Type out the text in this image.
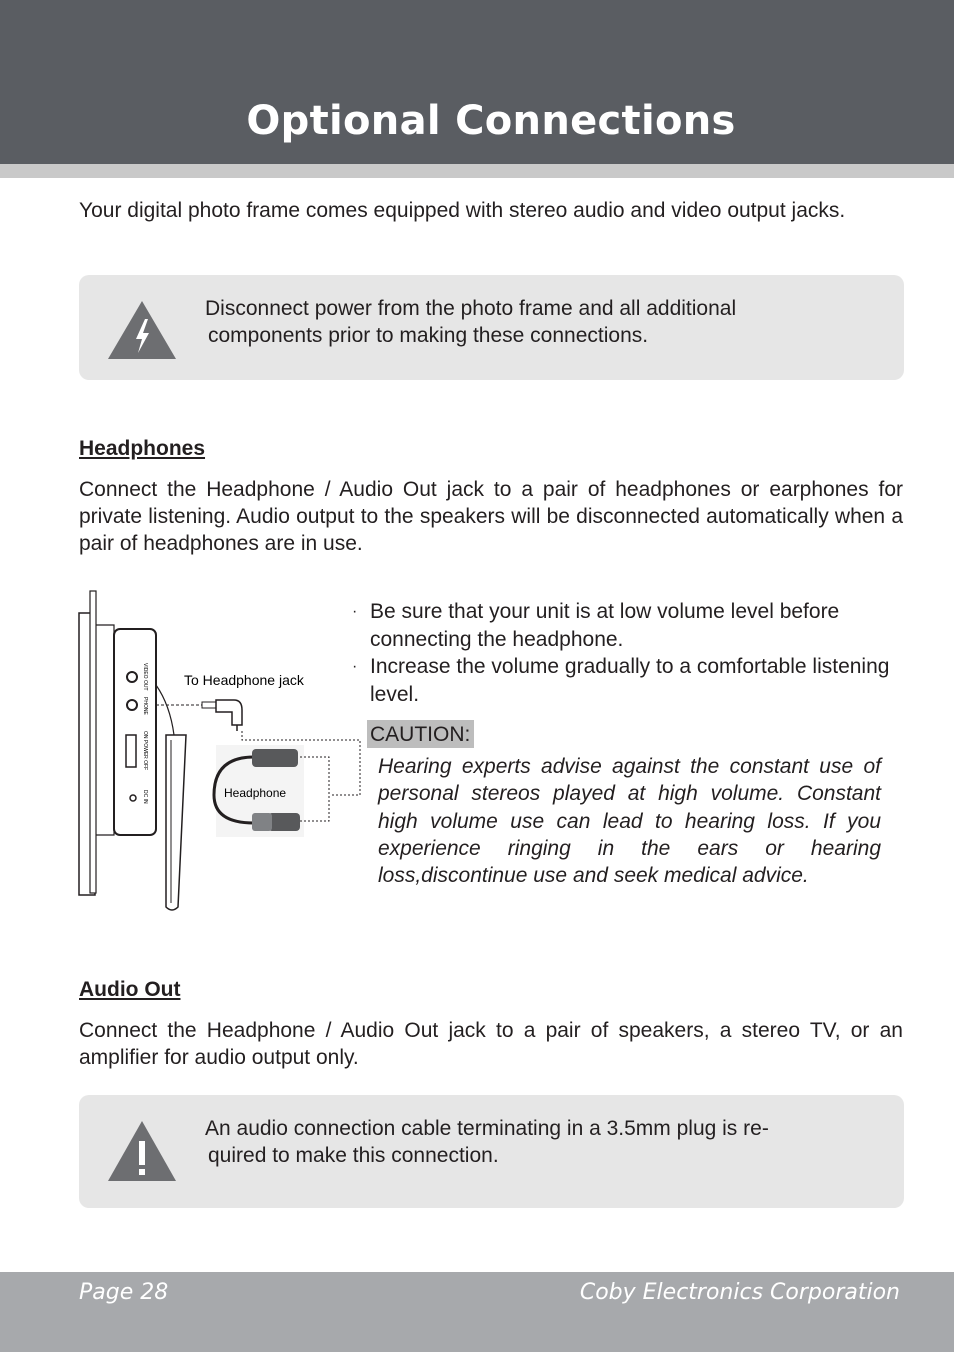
Optional Connections

Your digital photo frame comes equipped with stereo audio and video output jacks.

Disconnect power from the photo frame and all additional
components prior to making these connections.
Headphones

Connect the Headphone / Audio Out jack to a pair of headphones or earphones for private listening. Audio output to the speakers will be disconnected automatically when a pair of headphones are in use.

VIDEO OUT
PHONE
ON POWER OFF
DC IN
To Headphone jack
Headphone
· Be sure that your unit is at low volume level before connecting the headphone.
· Increase the volume gradually to a comfortable listening level.
CAUTION:
Hearing experts advise against the constant use of personal stereos played at high volume. Constant high volume use can lead to hearing loss. If you experience ringing in the ears or hearing loss,discontinue use and seek medical advice.
Audio Out

Connect the Headphone / Audio Out jack to a pair of speakers, a stereo TV, or an amplifier for audio output only.

An audio connection cable terminating in a 3.5mm plug is re-
quired to make this connection.
Page 28	Coby Electronics Corporation
